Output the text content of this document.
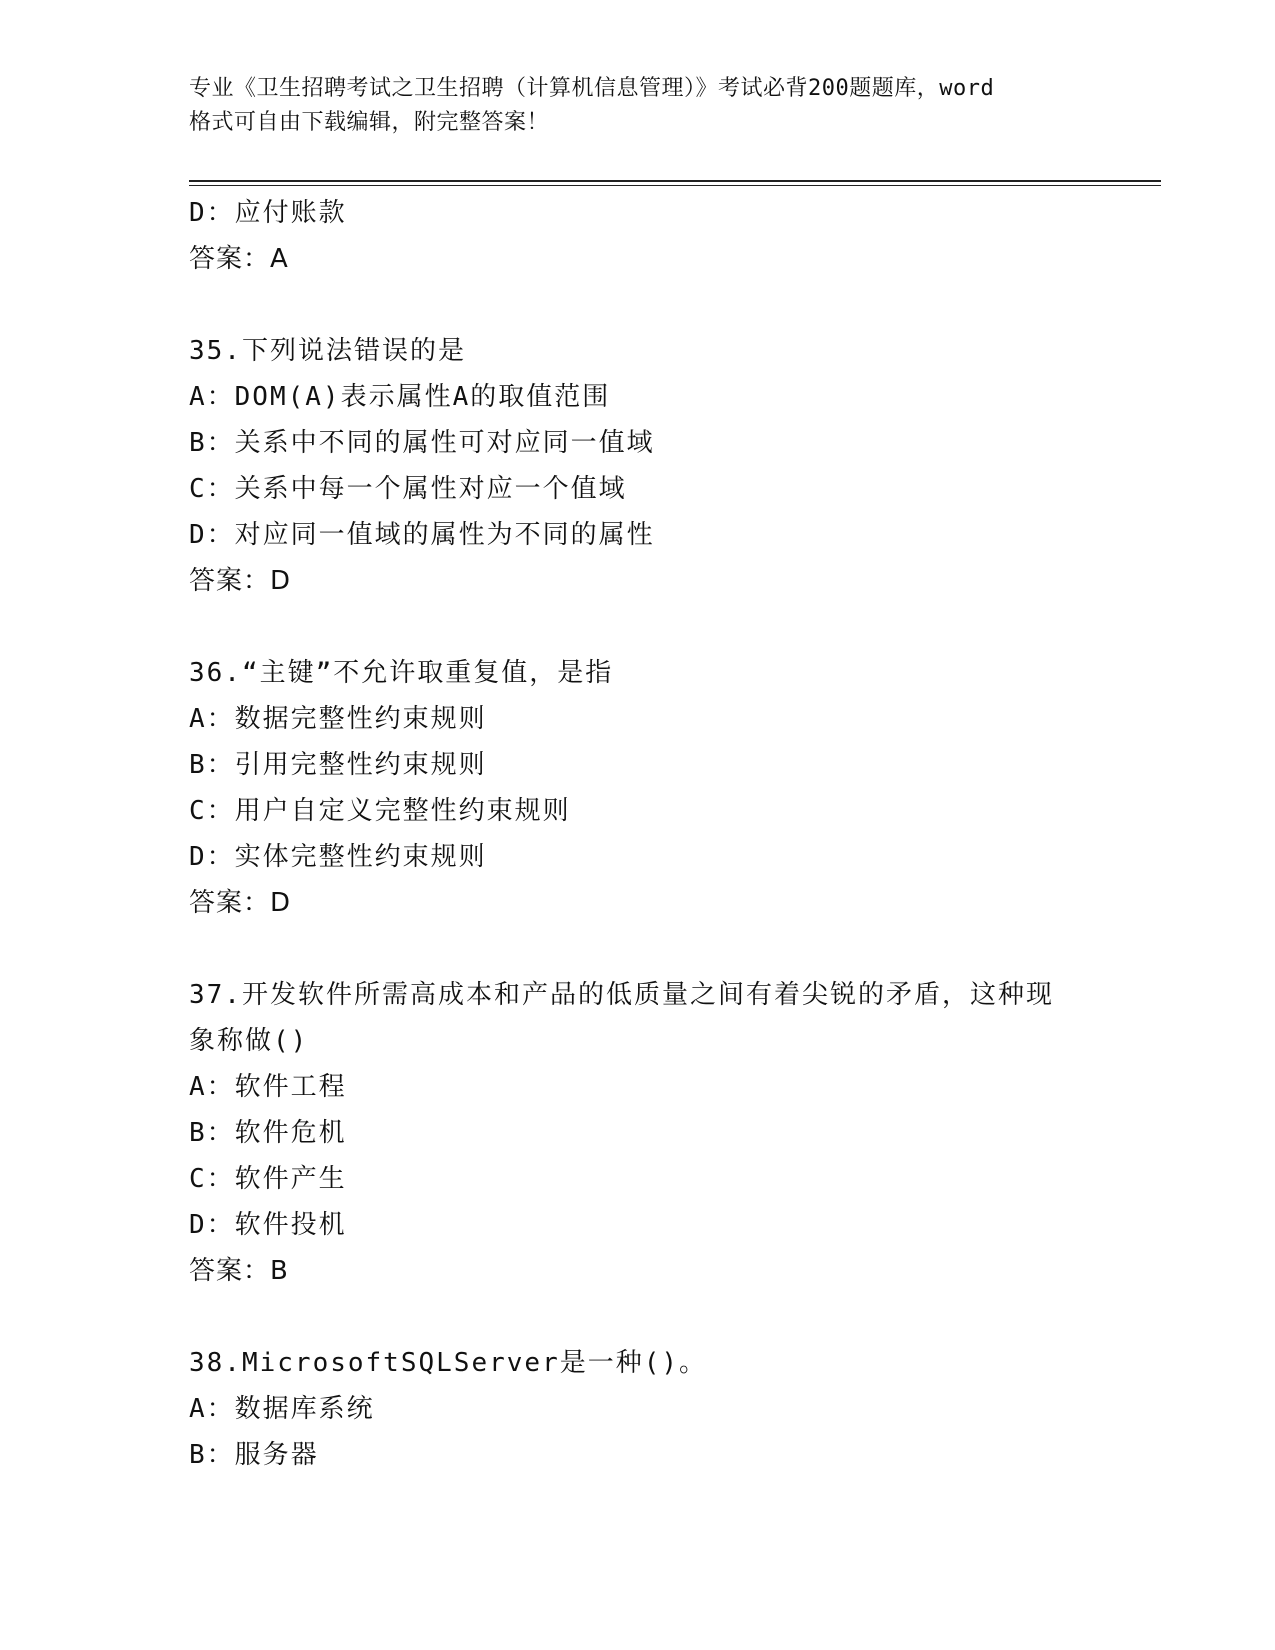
专业《卫生招聘考试之卫生招聘（计算机信息管理）》考试必背200题题库，word
格式可自由下载编辑，附完整答案！
D：应付账款
答案：A
35.下列说法错误的是
A：DOM(A)表示属性A的取值范围
B：关系中不同的属性可对应同一值域
C：关系中每一个属性对应一个值域
D：对应同一值域的属性为不同的属性
答案：D
36.“主键”不允许取重复值，是指
A：数据完整性约束规则
B：引用完整性约束规则
C：用户自定义完整性约束规则
D：实体完整性约束规则
答案：D
37.开发软件所需高成本和产品的低质量之间有着尖锐的矛盾，这种现
象称做()
A：软件工程
B：软件危机
C：软件产生
D：软件投机
答案：B
38.MicrosoftSQLServer是一种()。
A：数据库系统
B：服务器
